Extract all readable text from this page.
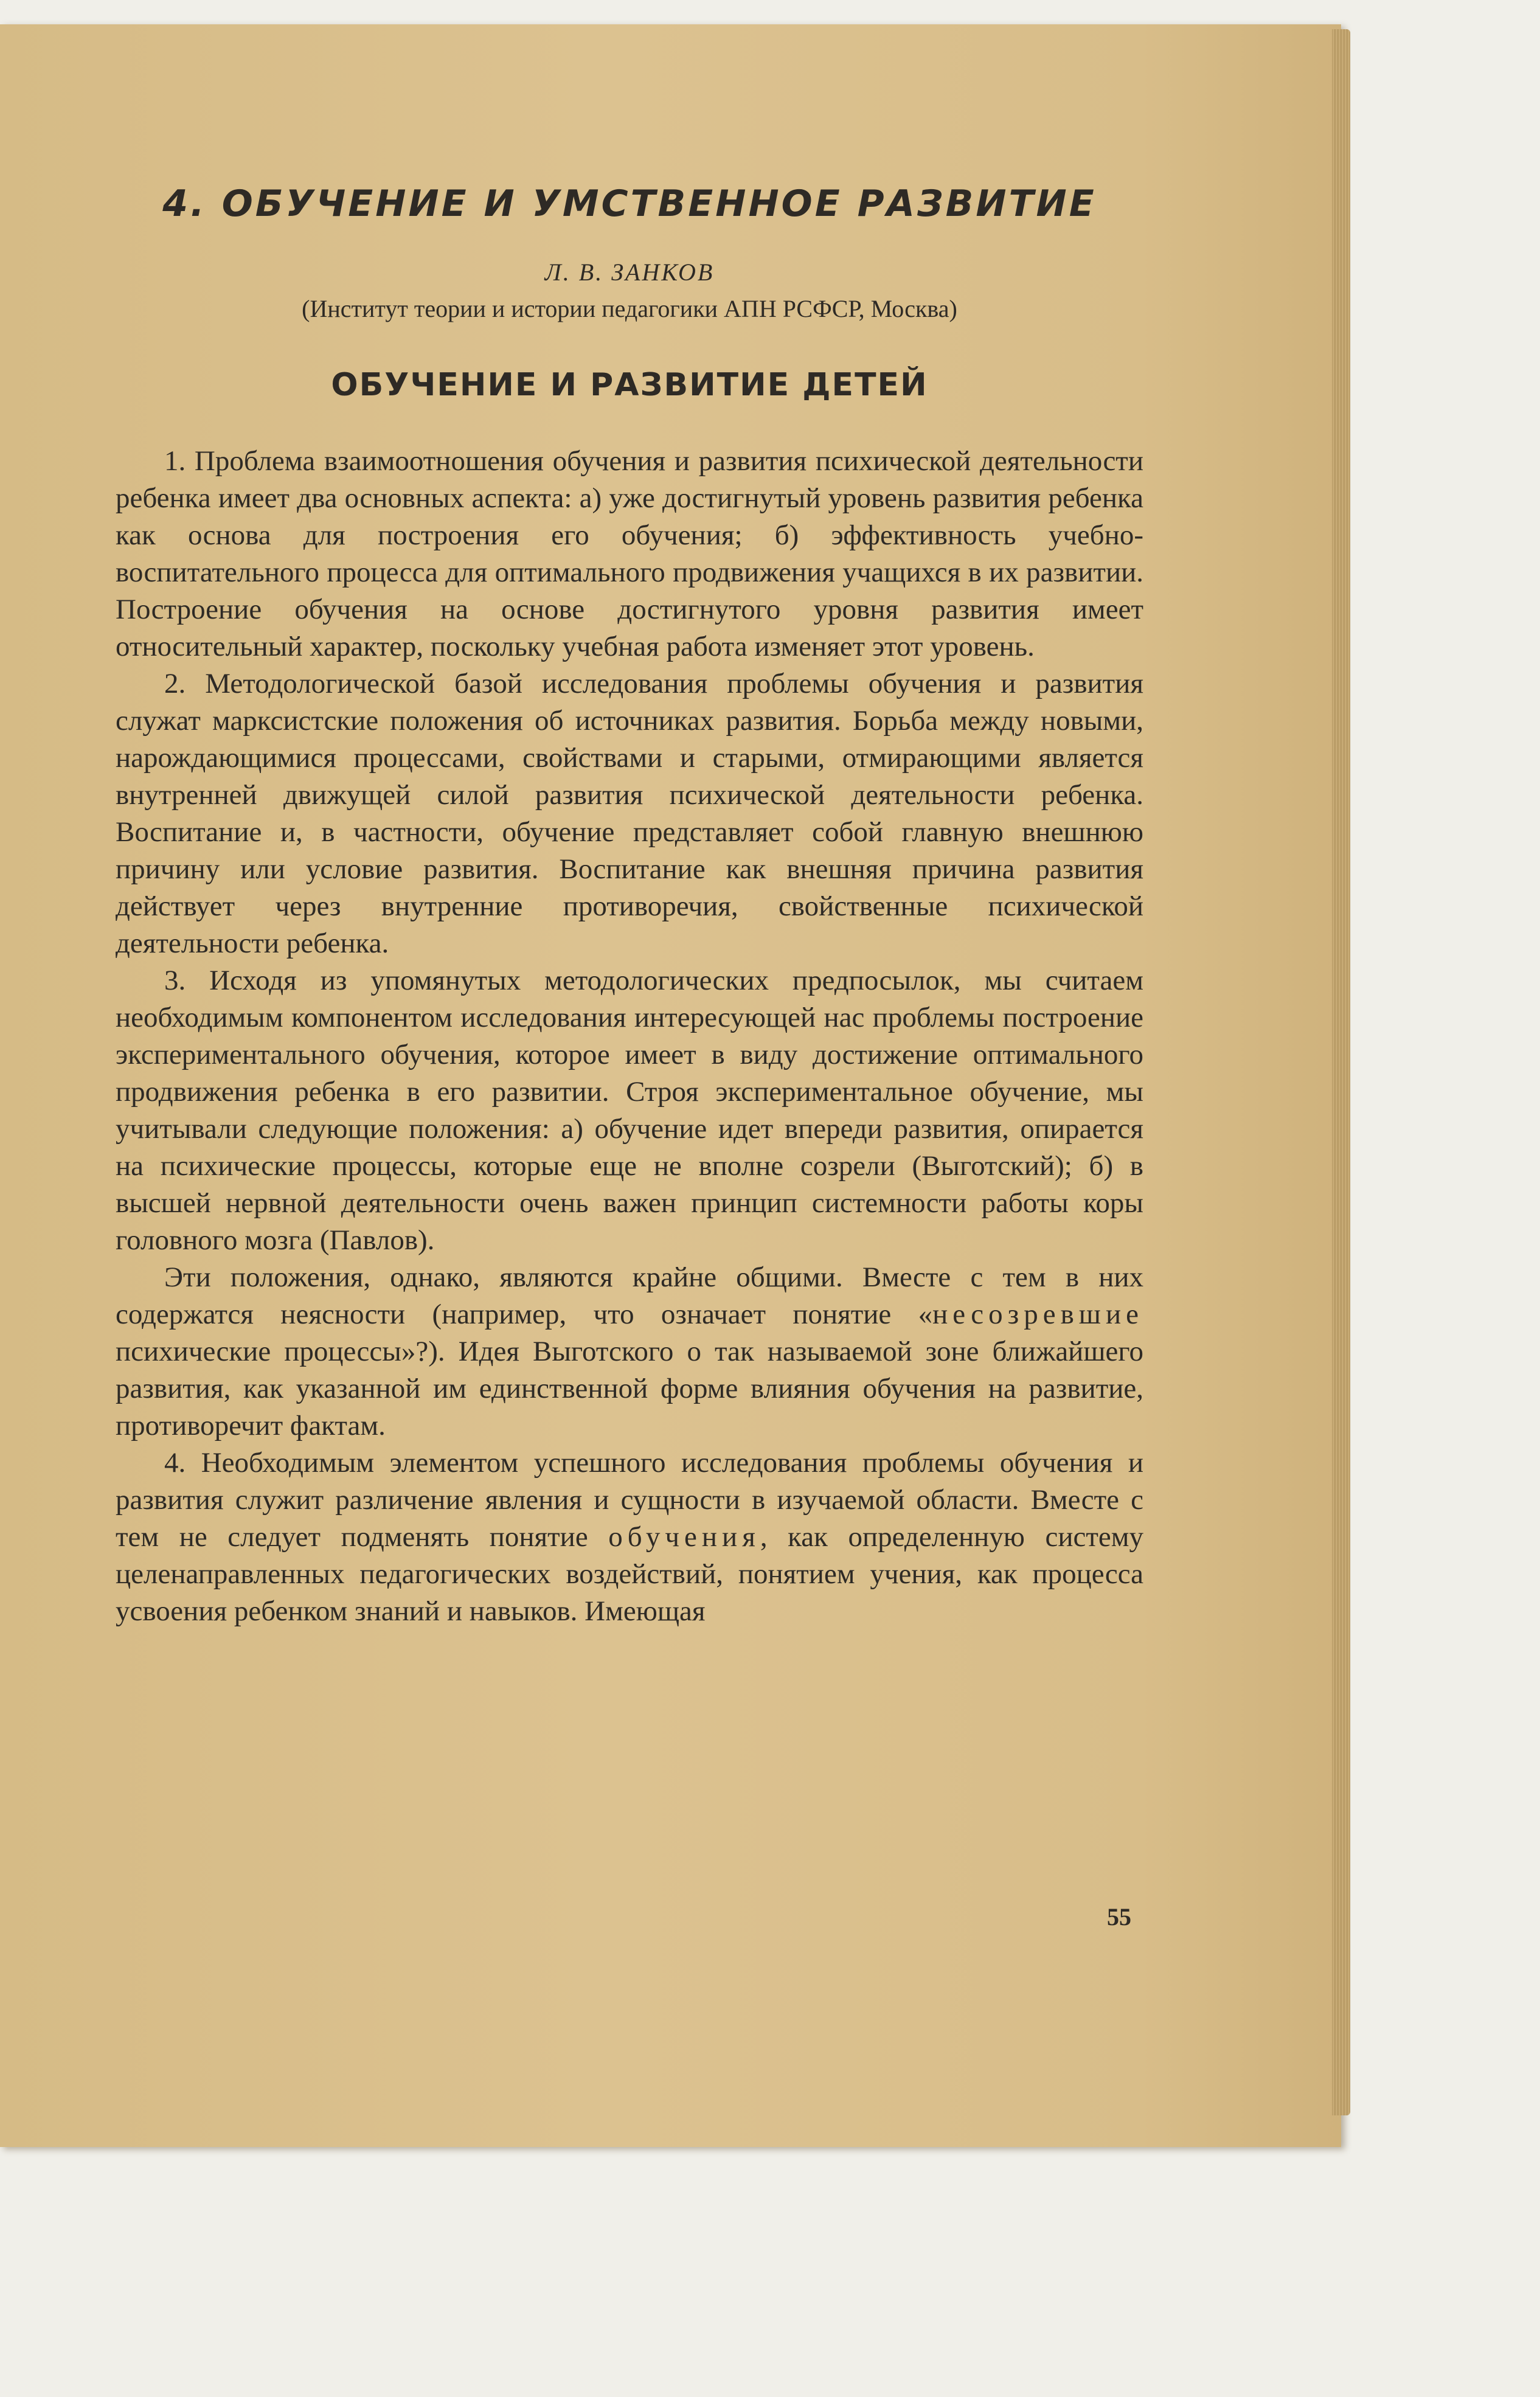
4. ОБУЧЕНИЕ И УМСТВЕННОЕ РАЗВИТИЕ
Л. В. ЗАНКОВ
(Институт теории и истории педагогики АПН РСФСР, Москва)
ОБУЧЕНИЕ И РАЗВИТИЕ ДЕТЕЙ

1. Проблема взаимоотношения обучения и развития психической деятельности ребенка имеет два основных аспекта: а) уже достигнутый уровень развития ребенка как основа для построения его обучения; б) эффективность учебно-воспитательного процесса для оптимального продвижения учащихся в их развитии. Построение обучения на основе достигнутого уровня развития имеет относительный характер, поскольку учебная работа изменяет этот уровень.

2. Методологической базой исследования проблемы обучения и развития служат марксистские положения об источниках развития. Борьба между новыми, нарождающимися процессами, свойствами и старыми, отмирающими является внутренней движущей силой развития психической деятельности ребенка. Воспитание и, в частности, обучение представляет собой главную внешнюю причину или условие развития. Воспитание как внешняя причина развития действует через внутренние противоречия, свойственные психической деятельности ребенка.

3. Исходя из упомянутых методологических предпосылок, мы считаем необходимым компонентом исследования интересующей нас проблемы построение экспериментального обучения, которое имеет в виду достижение оптимального продвижения ребенка в его развитии. Строя экспериментальное обучение, мы учитывали следующие положения: а) обучение идет впереди развития, опирается на психические процессы, которые еще не вполне созрели (Выготский); б) в высшей нервной деятельности очень важен принцип системности работы коры головного мозга (Павлов).

Эти положения, однако, являются крайне общими. Вместе с тем в них содержатся неясности (например, что означает понятие «несозревшие психические процессы»?). Идея Выготского о так называемой зоне ближайшего развития, как указанной им единственной форме влияния обучения на развитие, противоречит фактам.

4. Необходимым элементом успешного исследования проблемы обучения и развития служит различение явления и сущности в изучаемой области. Вместе с тем не следует подменять понятие обучения, как определенную систему целенаправленных педагогических воздействий, понятием учения, как процесса усвоения ребенком знаний и навыков. Имеющая

55
